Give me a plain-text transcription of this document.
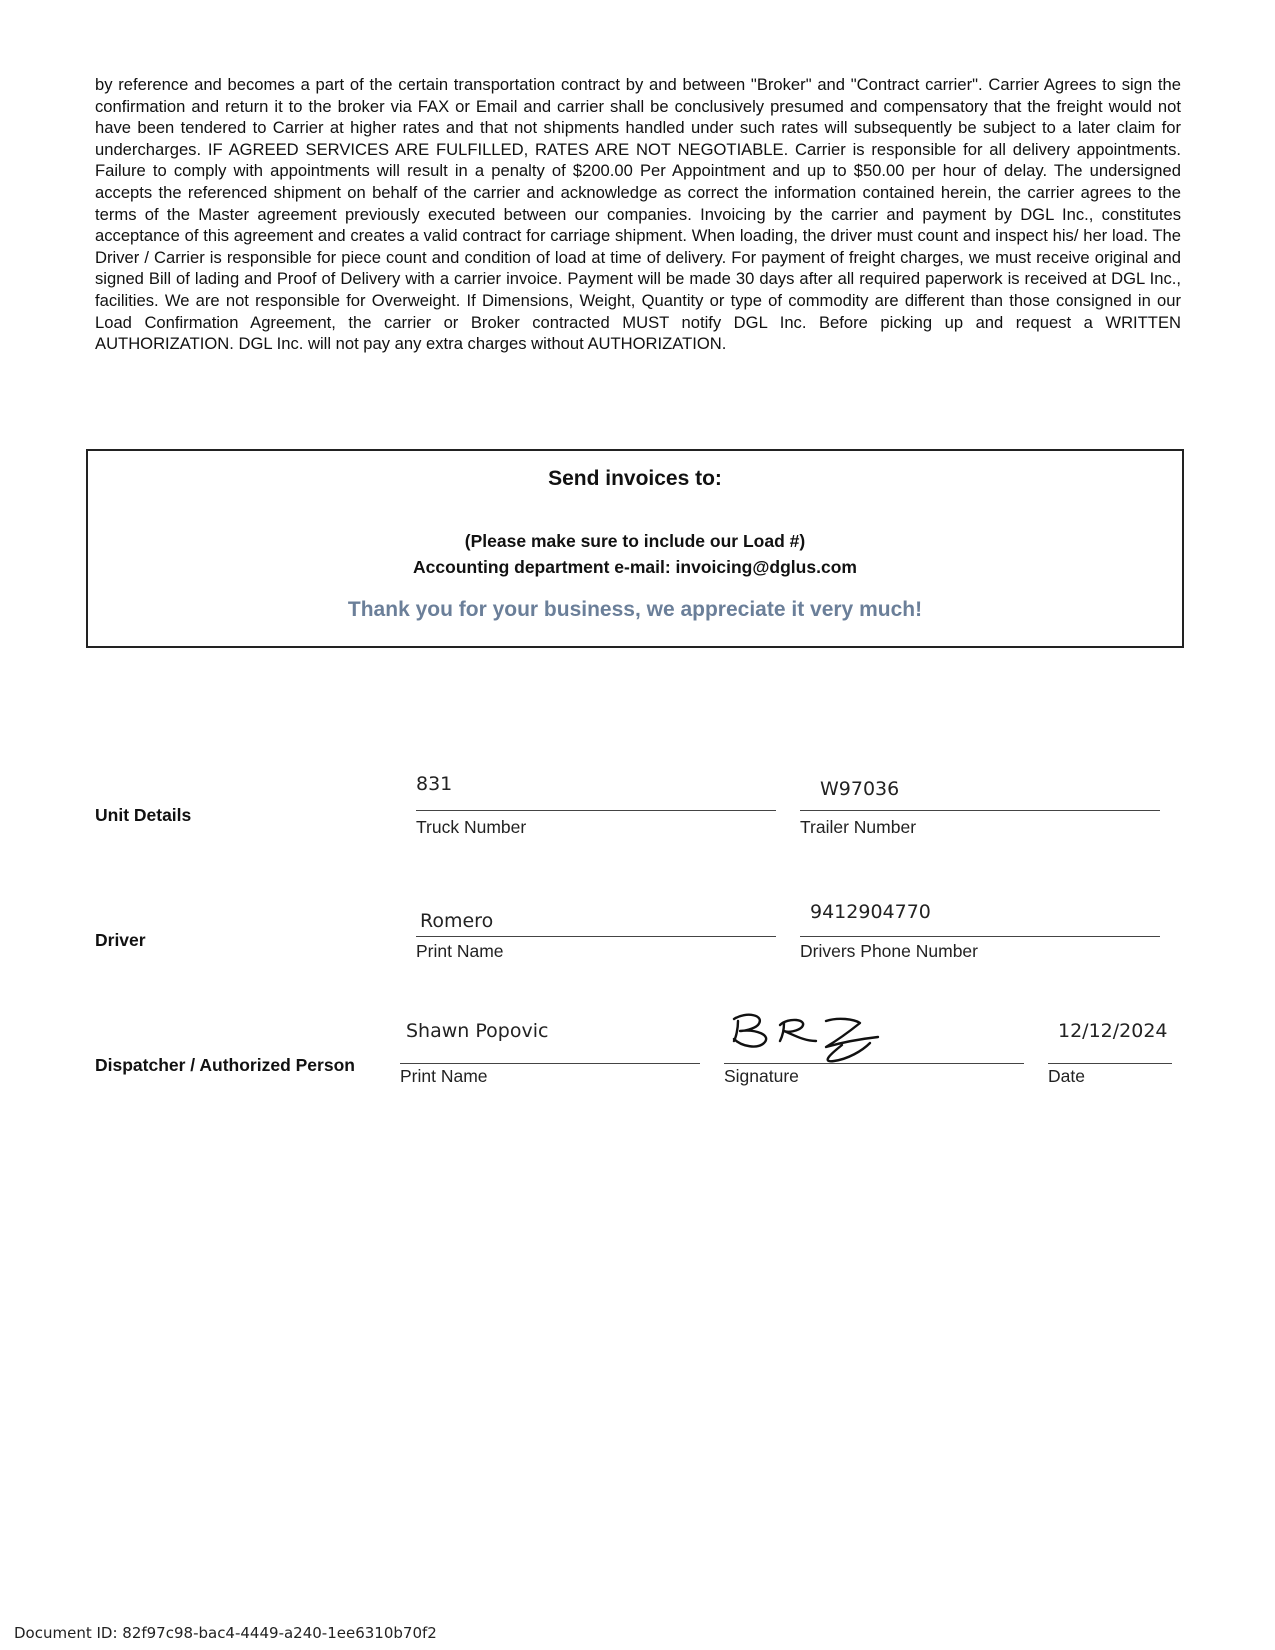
by reference and becomes a part of the certain transportation contract by and between "Broker" and "Contract carrier". Carrier Agrees to sign the confirmation and return it to the broker via FAX or Email and carrier shall be conclusively presumed and compensatory that the freight would not have been tendered to Carrier at higher rates and that not shipments handled under such rates will subsequently be subject to a later claim for undercharges. IF AGREED SERVICES ARE FULFILLED, RATES ARE NOT NEGOTIABLE. Carrier is responsible for all delivery appointments. Failure to comply with appointments will result in a penalty of $200.00 Per Appointment and up to $50.00 per hour of delay. The undersigned accepts the referenced shipment on behalf of the carrier and acknowledge as correct the information contained herein, the carrier agrees to the terms of the Master agreement previously executed between our companies. Invoicing by the carrier and payment by DGL Inc., constitutes acceptance of this agreement and creates a valid contract for carriage shipment. When loading, the driver must count and inspect his/ her load. The Driver / Carrier is responsible for piece count and condition of load at time of delivery. For payment of freight charges, we must receive original and signed Bill of lading and Proof of Delivery with a carrier invoice. Payment will be made 30 days after all required paperwork is received at DGL Inc., facilities. We are not responsible for Overweight. If Dimensions, Weight, Quantity or type of commodity are different than those consigned in our Load Confirmation Agreement, the carrier or Broker contracted MUST notify DGL Inc. Before picking up and request a WRITTEN AUTHORIZATION. DGL Inc. will not pay any extra charges without AUTHORIZATION.

Send invoices to:
(Please make sure to include our Load #)
Accounting department e-mail: invoicing@dglus.com
Thank you for your business, we appreciate it very much!
Unit Details
831
Truck Number
W97036
Trailer Number
Driver
Romero
Print Name
9412904770
Drivers Phone Number
Dispatcher / Authorized Person
Shawn Popovic
Print Name	Signature
12/12/2024
Date
Document ID: 82f97c98-bac4-4449-a240-1ee6310b70f2
